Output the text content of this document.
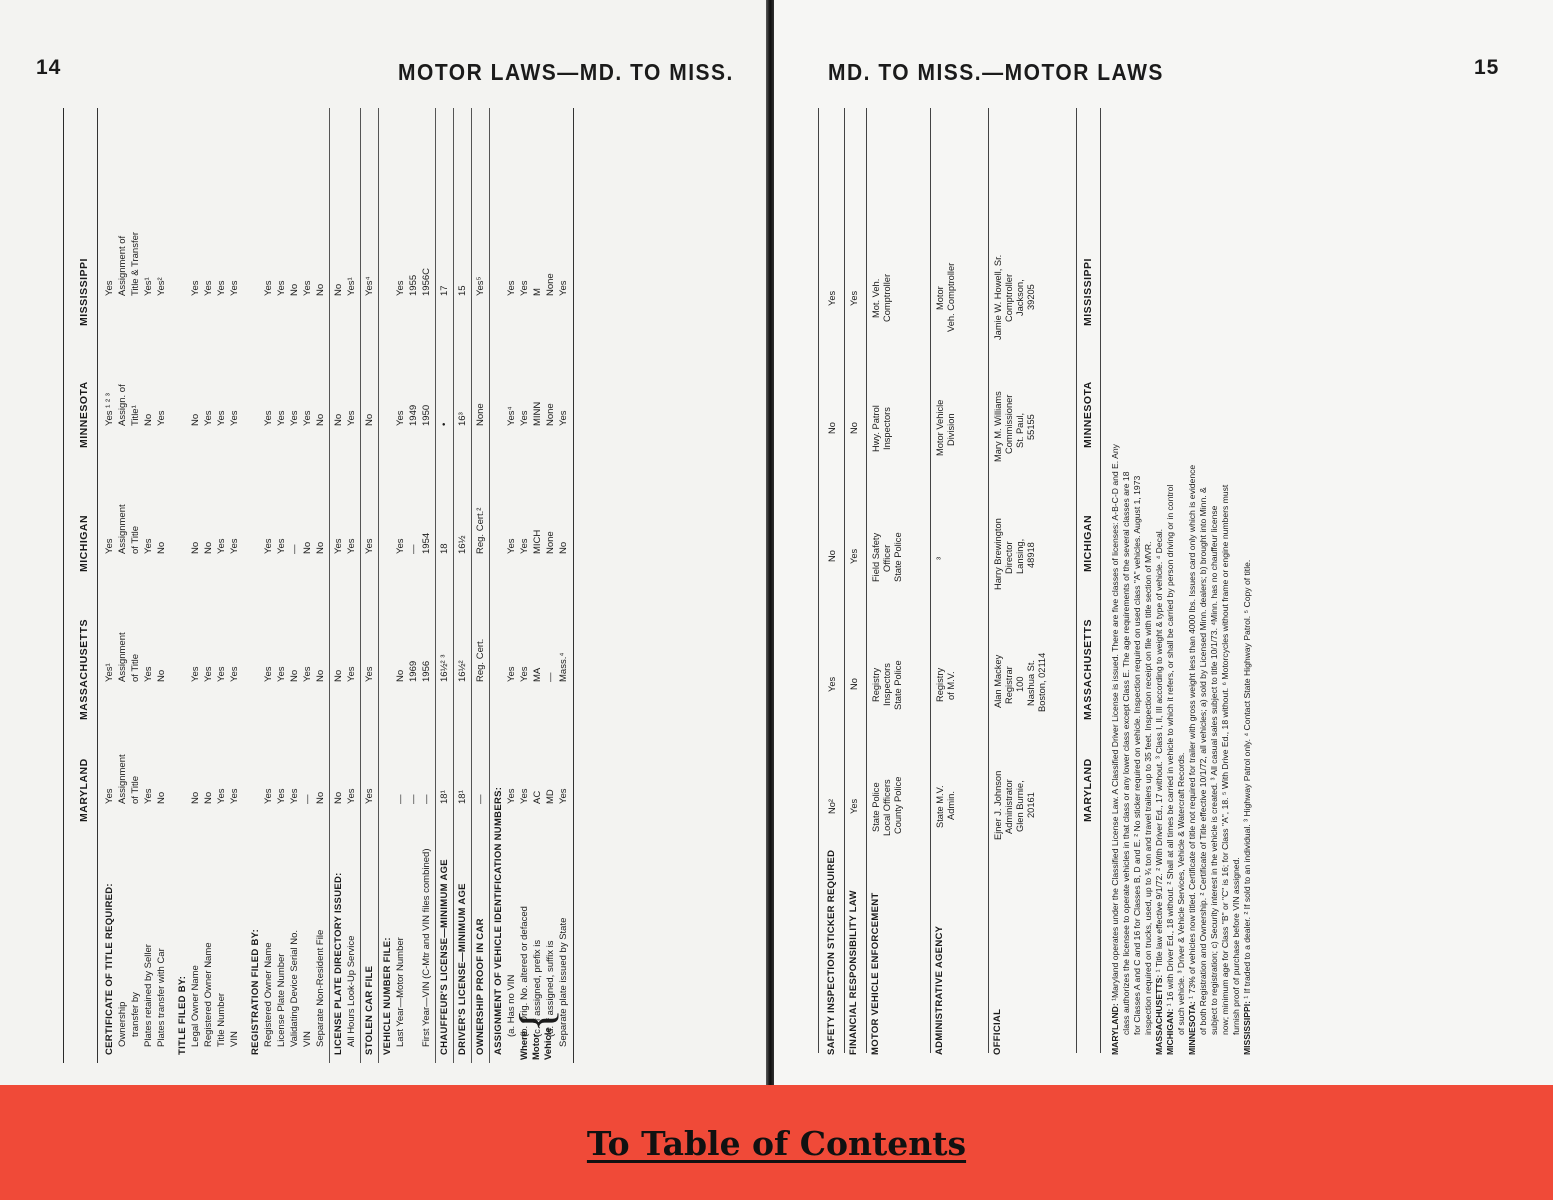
14	MOTOR LAWS—MD. TO MISS.
MARYLAND
MASSACHUSETTS
MICHIGAN
MINNESOTA
MISSISSIPPI
CERTIFICATE OF TITLE REQUIRED:
Yes
Yes¹
Yes
Yes ¹ ² ³
Yes
Ownership
Assignment
Assignment
Assignment
Assign. of
Assignment of
transfer by
of Title
of Title
of Title
Title¹
Title & Transfer
Plates retained by Seller
Yes
Yes
Yes
No
Yes¹
Plates transfer with Car
No
No
No
Yes
Yes²
TITLE FILED BY: Legal Owner Name
No
Yes
No
No
Yes
Registered Owner Name
No
Yes
No
Yes
Yes
Title Number
Yes
Yes
Yes
Yes
Yes
VIN
Yes
Yes
Yes
Yes
Yes
REGISTRATION FILED BY: Registered Owner Name
Yes
Yes
Yes
Yes
Yes
License Plate Number
Yes
Yes
Yes
Yes
Yes
Validating Device Serial No.
Yes
No
—
Yes
No
VIN
—
Yes
No
Yes
Yes
Separate Non-Resident File
No
No
No
No
No
LICENSE PLATE DIRECTORY ISSUED:
No
No
Yes
No
No
All Hours Look-Up Service
Yes
Yes
Yes
Yes
Yes¹
STOLEN CAR FILE
Yes
Yes
Yes
No
Yes⁴
VEHICLE NUMBER FILE: Last Year—Motor Number
—
No
Yes
Yes
Yes
—
1969
—
1949
1955
First Year—VIN (C-Mtr and VIN files combined)
—
1956
1954
1950
1956C
CHAUFFEUR'S LICENSE—MINIMUM AGE
18¹
16½² ³
18
•
17
DRIVER'S LICENSE—MINIMUM AGE
18¹
16½²
16½
16³
15
OWNERSHIP PROOF IN CAR
—
Reg. Cert.
Reg. Cert.²
None
Yes⁵
ASSIGNMENT OF VEHICLE IDENTIFICATION NUMBERS: (a. Has no VIN
Yes
Yes
Yes
Yes⁴
Yes
(b. Orig. No. altered or defaced
Yes
Yes
Yes
Yes
Yes
(c. If assigned, prefix is
AC
MA
MICH
MINN
M
(d. If assigned, suffix is
MD
—
None
None
None
Separate plate issued by State
Yes
Mass.⁴
No
Yes
Yes
Where Motor Vehicle
{
MD. TO MISS.—MOTOR LAWS	15
SAFETY INSPECTION STICKER REQUIRED
No²
Yes
No
No
Yes
FINANCIAL RESPONSIBILITY LAW
Yes
No
Yes
No
Yes
MOTOR VEHICLE ENFORCEMENT
State Police Local Officers County Police
Registry Inspectors State Police
Field Safety Officer State Police
Hwy. Patrol Inspectors
Mot. Veh. Comptroller
ADMINISTRATIVE AGENCY
State M.V. Admin.
Registry of M.V.
³
Motor Vehicle Division
Motor Veh. Comptroller
OFFICIAL
Ejner J. Johnson Administrator Glen Burnie, 20161
Alan Mackey Registrar 100 Nashua St. Boston, 02114
Harry Brewington Director Lansing, 48918
Mary M. Williams Commissioner St. Paul, 55155
Jamie W. Howell, Sr. Comptroller Jackson, 39205
MARYLAND
MASSACHUSETTS
MICHIGAN
MINNESOTA
MISSISSIPPI
MARYLAND: ¹Maryland operates under the Classified License Law. A Classified Driver License is issued. There are five classes of licenses: A-B-C-D and E. Any class authorizes the licensee to operate vehicles in that class or any lower class except Class E. The age requirements of the several classes are 18 for Classes A and C and 16 for Classes B, D and E. ² No sticker required on vehicle. Inspection required on used class "A" vehicles. August 1, 1973 inspection required on trucks, used, up to ¾ ton and travel trailers up to 35 feet. Inspection receipt on file with title section of MVR. MASSACHUSETTS: ¹ Title law effective 9/1/72. ² With Driver Ed., 17 without. ³ Class I, II, III according to weight & type of vehicle. ⁴ Decal.
MICHIGAN: ¹ 16 with Driver Ed., 18 without. ² Shall at all times be carried in vehicle to which it refers, or shall be carried by person driving or in control of such vehicle. ³ Driver & Vehicle Services, Vehicle & Watercraft Records. MINNESOTA: ¹ 73% of vehicles now titled. Certificate of title not required for trailer with gross weight less than 4000 lbs. Issues card only which is evidence of both Registration and Ownership. ² Certificate of Title effective 10/1/72, all vehicles; a) sold by Licensed Minn. dealers; b) brought into Minn. & subject to registration; c) Security interest in the vehicle is created. ³ All casual sales subject to title 10/1/73. ⁴Minn. has no chauffeur license now; minimum age for Class "B" or "C" is 16; for Class "A", 18. ⁵ With Drive Ed., 18 without. ⁶ Motorcycles without frame or engine numbers must furnish proof of purchase before VIN assigned. MISSISSIPPI: ¹ If traded to a dealer. ² If sold to an individual. ³ Highway Patrol only. ⁴ Contact State Highway Patrol. ⁵ Copy of title.
To Table of Contents
